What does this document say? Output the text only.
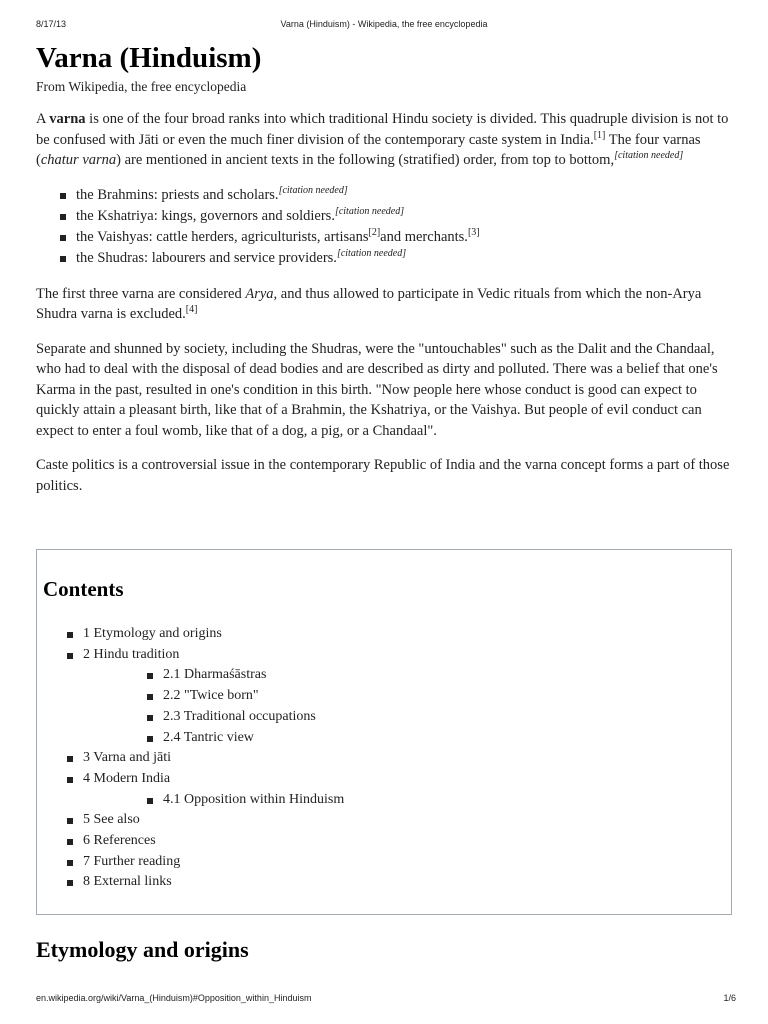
8/17/13	Varna (Hinduism) - Wikipedia, the free encyclopedia
Varna (Hinduism)
From Wikipedia, the free encyclopedia

A varna is one of the four broad ranks into which traditional Hindu society is divided. This quadruple division is not to be confused with Jāti or even the much finer division of the contemporary caste system in India.[1] The four varnas (chatur varna) are mentioned in ancient texts in the following (stratified) order, from top to bottom,[citation needed]

the Brahmins: priests and scholars.[citation needed]
the Kshatriya: kings, governors and soldiers.[citation needed]
the Vaishyas: cattle herders, agriculturists, artisans[2]and merchants.[3]
the Shudras: labourers and service providers.[citation needed]

The first three varna are considered Arya, and thus allowed to participate in Vedic rituals from which the non-Arya Shudra varna is excluded.[4]

Separate and shunned by society, including the Shudras, were the "untouchables" such as the Dalit and the Chandaal, who had to deal with the disposal of dead bodies and are described as dirty and polluted. There was a belief that one's Karma in the past, resulted in one's condition in this birth. "Now people here whose conduct is good can expect to quickly attain a pleasant birth, like that of a Brahmin, the Kshatriya, or the Vaishya. But people of evil conduct can expect to enter a foul womb, like that of a dog, a pig, or a Chandaal".

Caste politics is a controversial issue in the contemporary Republic of India and the varna concept forms a part of those politics.

Contents
1 Etymology and origins
2 Hindu tradition
2.1 Dharmaśāstras
2.2 "Twice born"
2.3 Traditional occupations
2.4 Tantric view
3 Varna and jāti
4 Modern India
4.1 Opposition within Hinduism
5 See also
6 References
7 Further reading
8 External links
Etymology and origins
en.wikipedia.org/wiki/Varna_(Hinduism)#Opposition_within_Hinduism	1/6
